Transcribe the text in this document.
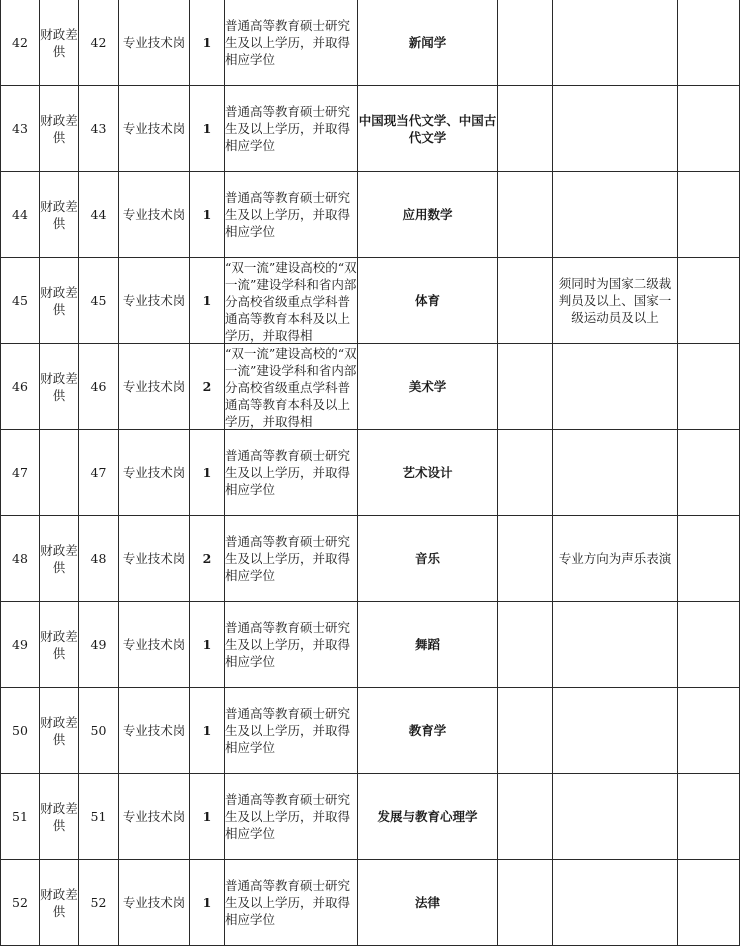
42	财政差供	42	专业技术岗	1	普通高等教育硕士研究生及以上学历，并取得相应学位	新闻学			
43	财政差供	43	专业技术岗	1	普通高等教育硕士研究生及以上学历，并取得相应学位	中国现当代文学、中国古代文学			
44	财政差供	44	专业技术岗	1	普通高等教育硕士研究生及以上学历，并取得相应学位	应用数学			
45	财政差供	45	专业技术岗	1	“双一流”建设高校的“双一流”建设学科和省内部分高校省级重点学科普通高等教育本科及以上学历，并取得相	体育		须同时为国家二级裁判员及以上、国家一级运动员及以上	
46	财政差供	46	专业技术岗	2	“双一流”建设高校的“双一流”建设学科和省内部分高校省级重点学科普通高等教育本科及以上学历，并取得相	美术学			
47		47	专业技术岗	1	普通高等教育硕士研究生及以上学历，并取得相应学位	艺术设计			
48	财政差供	48	专业技术岗	2	普通高等教育硕士研究生及以上学历，并取得相应学位	音乐		专业方向为声乐表演	
49	财政差供	49	专业技术岗	1	普通高等教育硕士研究生及以上学历，并取得相应学位	舞蹈			
50	财政差供	50	专业技术岗	1	普通高等教育硕士研究生及以上学历，并取得相应学位	教育学			
51	财政差供	51	专业技术岗	1	普通高等教育硕士研究生及以上学历，并取得相应学位	发展与教育心理学			
52	财政差供	52	专业技术岗	1	普通高等教育硕士研究生及以上学历，并取得相应学位	法律			
